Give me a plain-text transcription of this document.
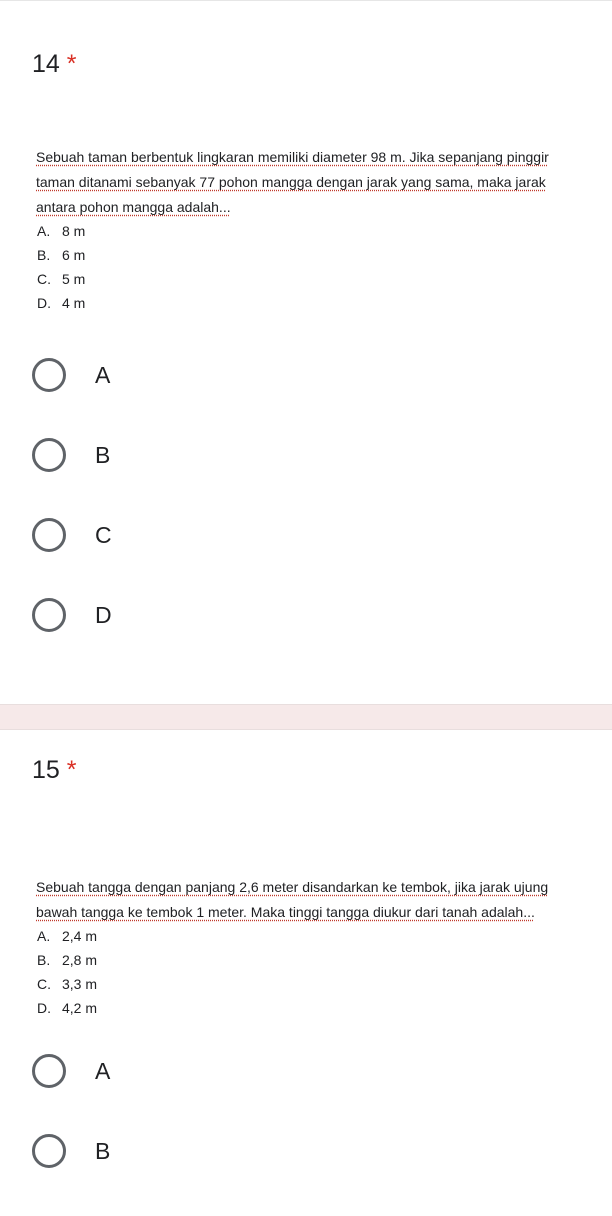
14 *
Sebuah taman berbentuk lingkaran memiliki diameter 98 m. Jika sepanjang pinggir taman ditanami sebanyak 77 pohon mangga dengan jarak yang sama, maka jarak antara pohon mangga adalah...
A. 8 m
B. 6 m
C. 5 m
D. 4 m
A
B
C
D
15 *
Sebuah tangga dengan panjang 2,6 meter disandarkan ke tembok, jika jarak ujung bawah tangga ke tembok 1 meter. Maka tinggi tangga diukur dari tanah adalah...
A. 2,4 m
B. 2,8 m
C. 3,3 m
D. 4,2 m
A
B
